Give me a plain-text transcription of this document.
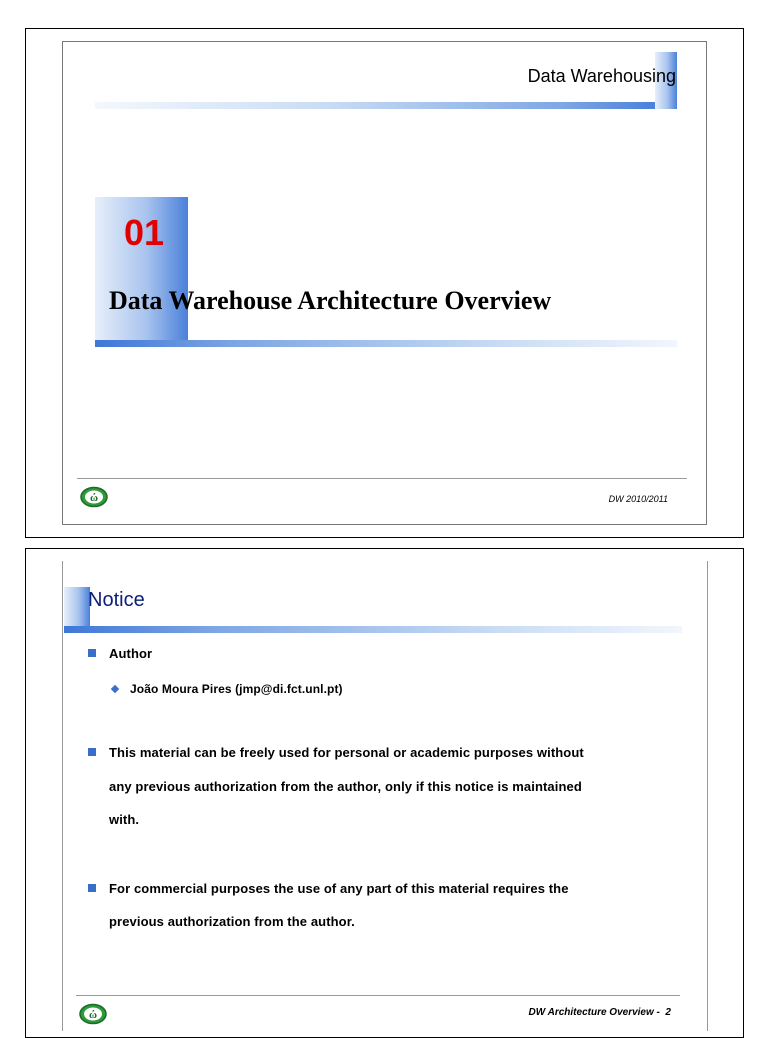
Data Warehousing
01
Data Warehouse Architecture Overview
ώ	DW 2010/2011
Notice
Author
João Moura Pires (jmp@di.fct.unl.pt)
This material can be freely used for personal or academic purposes without
any previous authorization from the author, only if this notice is maintained
with.
For commercial purposes the use of any part of this material requires the
previous authorization from the author.
ώ	DW Architecture Overview -  2
